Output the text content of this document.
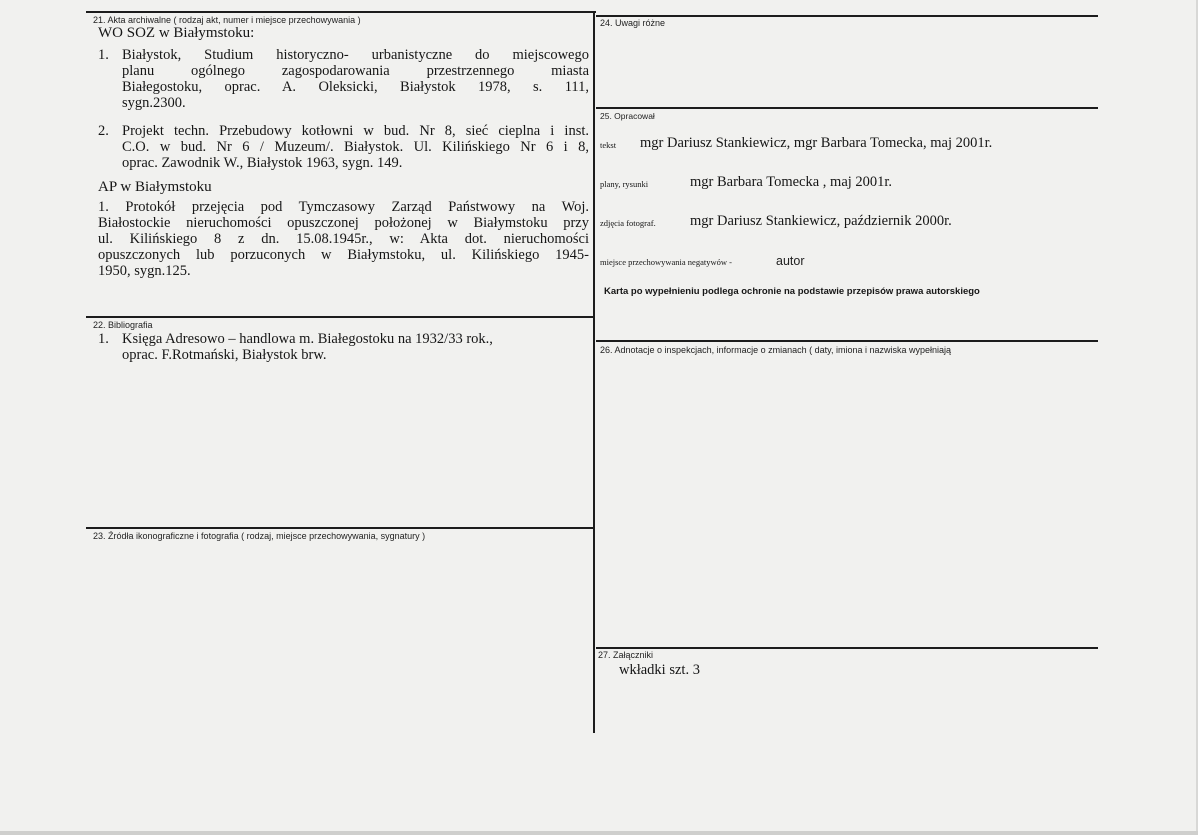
21. Akta archiwalne ( rodzaj akt, numer i miejsce przechowywania )
WO SOZ w Białymstoku:
1. Białystok, Studium historyczno- urbanistyczne do miejscowego
planu ogólnego zagospodarowania przestrzennego miasta
Białegostoku, oprac. A. Oleksicki, Białystok 1978, s. 111,
sygn.2300.
2. Projekt techn. Przebudowy kotłowni w bud. Nr 8, sieć cieplna i inst.
C.O. w bud. Nr 6 / Muzeum/. Białystok. Ul. Kilińskiego Nr 6 i 8,
oprac. Zawodnik W., Białystok 1963, sygn. 149.
AP w Białymstoku
1. Protokół przejęcia pod Tymczasowy Zarząd Państwowy na Woj.
Białostockie nieruchomości opuszczonej położonej w Białymstoku przy
ul. Kilińskiego 8 z dn. 15.08.1945r., w: Akta dot. nieruchomości
opuszczonych lub porzuconych w Białymstoku, ul. Kilińskiego 1945-
1950, sygn.125.
22. Bibliografia
1. Księga Adresowo – handlowa m. Białegostoku na 1932/33 rok.,
oprac. F.Rotmański, Białystok brw.
23. Źródła ikonograficzne i fotografia ( rodzaj, miejsce przechowywania, sygnatury )
24. Uwagi różne
25. Opracował
tekst mgr Dariusz Stankiewicz, mgr Barbara Tomecka, maj 2001r.
plany, rysunki	mgr Barbara Tomecka , maj 2001r.
zdjęcia fotograf. mgr Dariusz Stankiewicz, październik 2000r.
miejsce przechowywania negatywów -	autor
Karta po wypełnieniu podlega ochronie na podstawie przepisów prawa autorskiego
26. Adnotacje o inspekcjach, informacje o zmianach ( daty, imiona i nazwiska wypełniają
27. Załączniki
wkładki szt. 3
